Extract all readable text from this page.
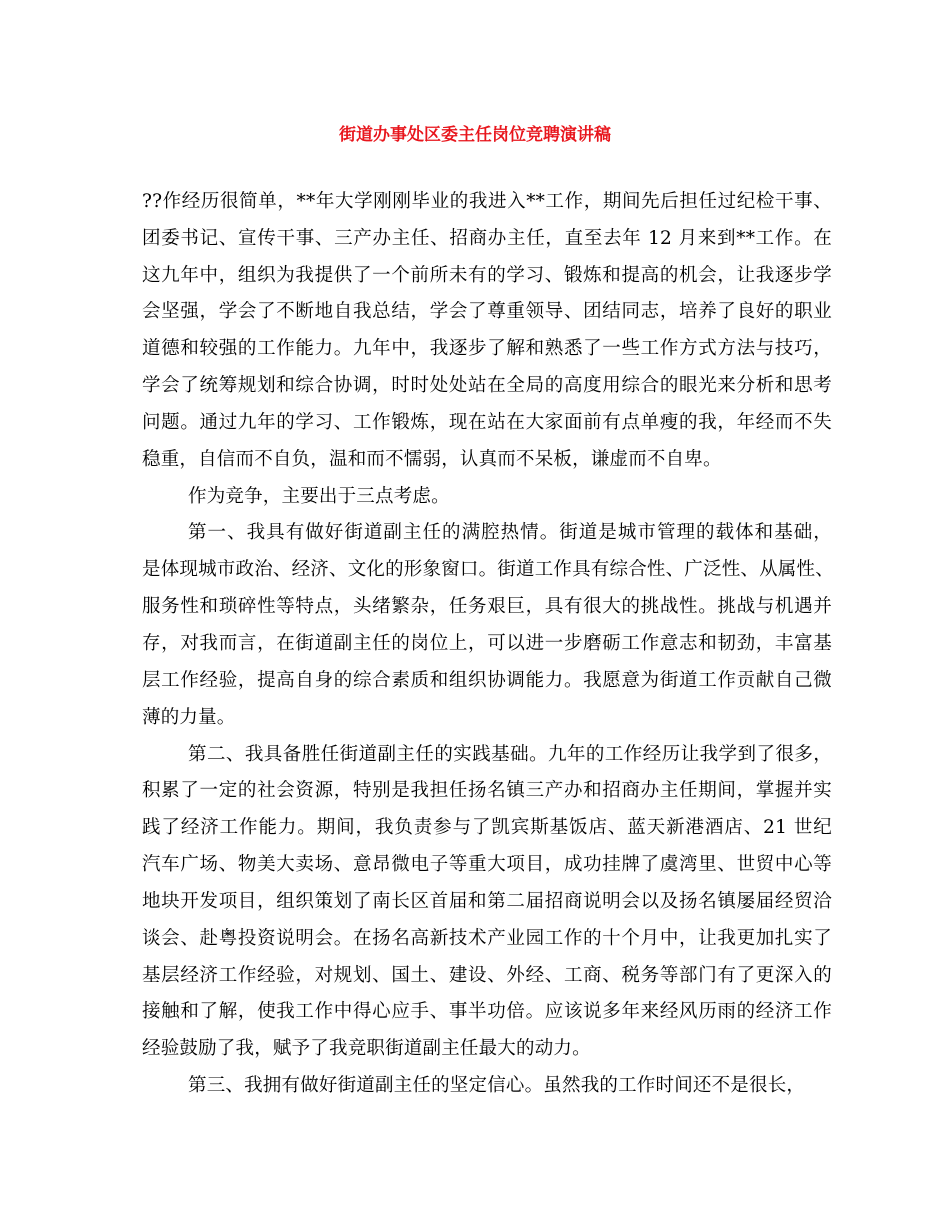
街道办事处区委主任岗位竞聘演讲稿
??作经历很简单，**年大学刚刚毕业的我进入**工作，期间先后担任过纪检干事、
团委书记、宣传干事、三产办主任、招商办主任，直至去年 12 月来到**工作。在
这九年中，组织为我提供了一个前所未有的学习、锻炼和提高的机会，让我逐步学
会坚强，学会了不断地自我总结，学会了尊重领导、团结同志，培养了良好的职业
道德和较强的工作能力。九年中，我逐步了解和熟悉了一些工作方式方法与技巧，
学会了统筹规划和综合协调，时时处处站在全局的高度用综合的眼光来分析和思考
问题。通过九年的学习、工作锻炼，现在站在大家面前有点单瘦的我，年经而不失
稳重，自信而不自负，温和而不懦弱，认真而不呆板，谦虚而不自卑。
作为竞争，主要出于三点考虑。
第一、我具有做好街道副主任的满腔热情。街道是城市管理的载体和基础，
是体现城市政治、经济、文化的形象窗口。街道工作具有综合性、广泛性、从属性、
服务性和琐碎性等特点，头绪繁杂，任务艰巨，具有很大的挑战性。挑战与机遇并
存，对我而言，在街道副主任的岗位上，可以进一步磨砺工作意志和韧劲，丰富基
层工作经验，提高自身的综合素质和组织协调能力。我愿意为街道工作贡献自己微
薄的力量。
第二、我具备胜任街道副主任的实践基础。九年的工作经历让我学到了很多，
积累了一定的社会资源，特别是我担任扬名镇三产办和招商办主任期间，掌握并实
践了经济工作能力。期间，我负责参与了凯宾斯基饭店、蓝天新港酒店、21 世纪
汽车广场、物美大卖场、意昂微电子等重大项目，成功挂牌了虞湾里、世贸中心等
地块开发项目，组织策划了南长区首届和第二届招商说明会以及扬名镇屡届经贸洽
谈会、赴粤投资说明会。在扬名高新技术产业园工作的十个月中，让我更加扎实了
基层经济工作经验，对规划、国土、建设、外经、工商、税务等部门有了更深入的
接触和了解，使我工作中得心应手、事半功倍。应该说多年来经风历雨的经济工作
经验鼓励了我，赋予了我竞职街道副主任最大的动力。
第三、我拥有做好街道副主任的坚定信心。虽然我的工作时间还不是很长，
